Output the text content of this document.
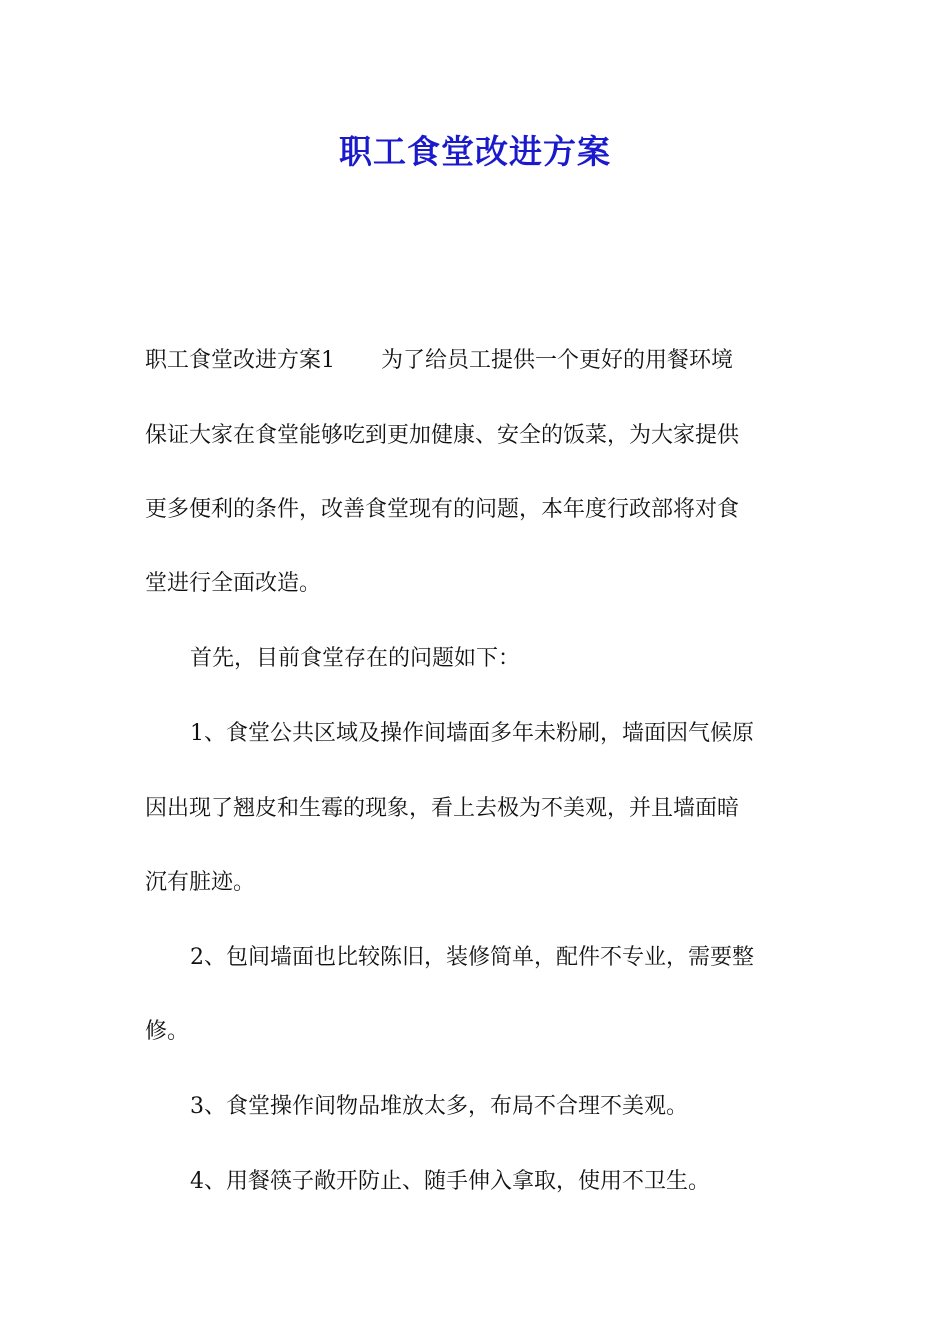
职工食堂改进方案
职工食堂改进方案1 为了给员工提供一个更好的用餐环境
保证大家在食堂能够吃到更加健康、安全的饭菜，为大家提供
更多便利的条件，改善食堂现有的问题，本年度行政部将对食
堂进行全面改造。
首先，目前食堂存在的问题如下：
1、食堂公共区域及操作间墙面多年未粉刷，墙面因气候原
因出现了翘皮和生霉的现象，看上去极为不美观，并且墙面暗
沉有脏迹。
2、包间墙面也比较陈旧，装修简单，配件不专业，需要整
修。
3、食堂操作间物品堆放太多，布局不合理不美观。
4、用餐筷子敞开防止、随手伸入拿取，使用不卫生。
